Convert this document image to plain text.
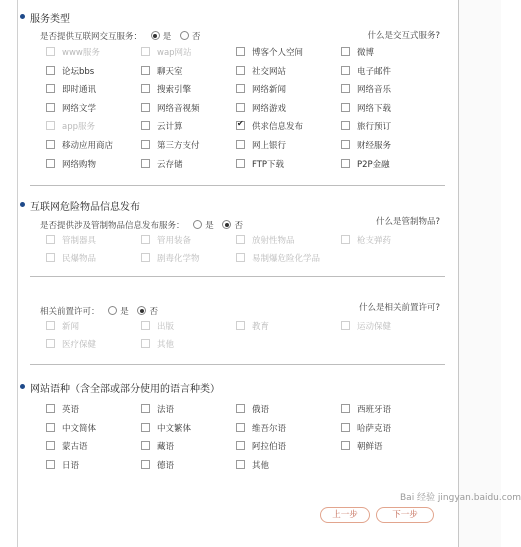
服务类型
是否提供互联网交互服务： 是 否	什么是交互式服务?
www服务	wap网站	博客个人空间	微博
论坛bbs	聊天室	社交网站	电子邮件
即时通讯	搜索引擎	网络新闻	网络音乐
网络文学	网络音视频	网络游戏	网络下载
app服务	云计算
✔	供求信息发布	旅行预订
移动应用商店	第三方支付	网上银行	财经服务
网络购物	云存储	FTP下载	P2P金融
互联网危险物品信息发布
是否提供涉及管制物品信息发布服务： 是 否	什么是管制物品?
管制器具	管用装备	放射性物品	枪支弹药
民爆物品	剧毒化学物	易制爆危险化学品
相关前置许可： 是 否	什么是相关前置许可?
新闻	出版	教育	运动保健
医疗保健	其他
网站语种（含全部或部分使用的语言种类）
英语	法语	俄语	西班牙语
中文简体	中文繁体	维吾尔语	哈萨克语
蒙古语	藏语	阿拉伯语	朝鲜语
日语	德语	其他
上一步	下一步
Bai 经验 jingyan.baidu.com
